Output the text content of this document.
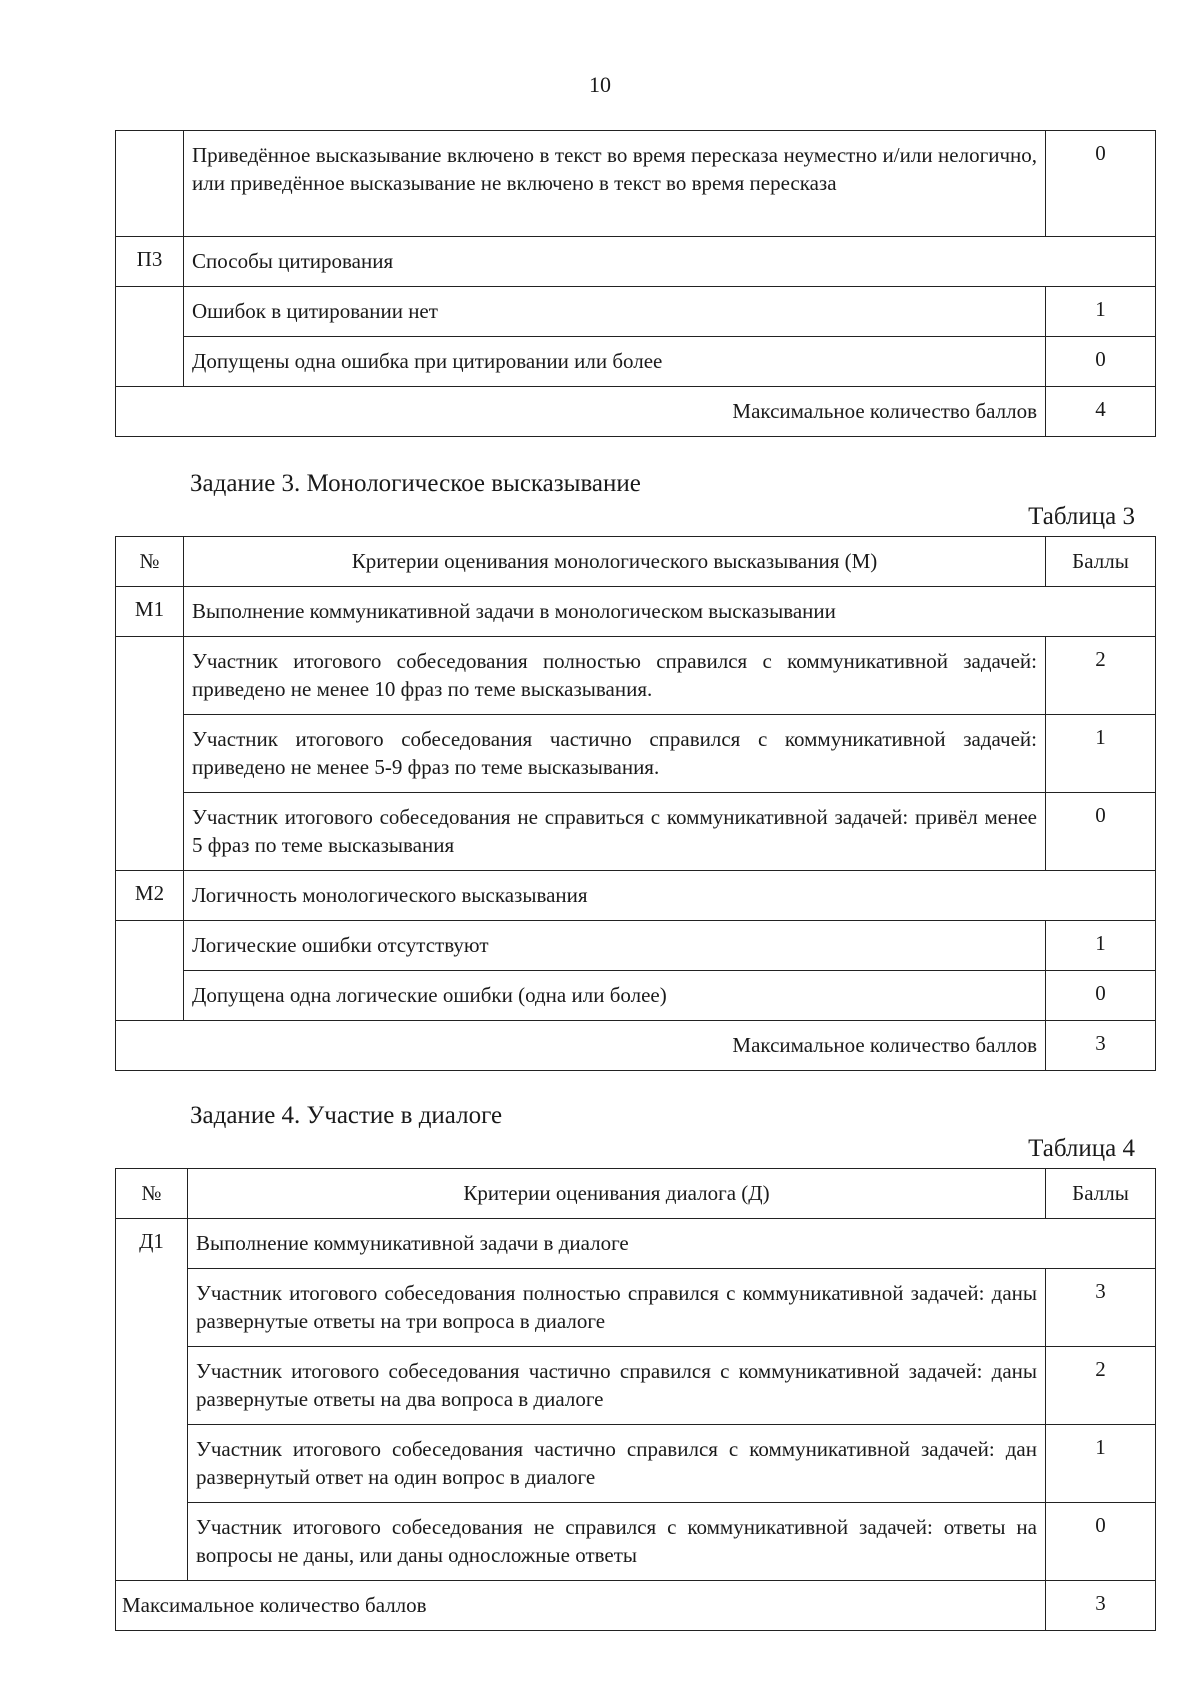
10
	Приведённое высказывание включено в текст во время пересказа неуместно и/или нелогично, или приведённое высказывание не включено в текст во время пересказа	0
П3	Способы цитирования	
	Ошибок в цитировании нет	1
	Допущены одна ошибка при цитировании или более	0
Максимальное количество баллов		4
Задание 3. Монологическое высказывание
Таблица 3
№	Критерии оценивания монологического высказывания (М)	Баллы
М1	Выполнение коммуникативной задачи в монологическом высказывании	
	Участник итогового собеседования полностью справился с коммуникативной задачей: приведено не менее 10 фраз по теме высказывания.	2
	Участник итогового собеседования частично справился с коммуникативной задачей: приведено не менее 5-9 фраз по теме высказывания.	1
	Участник итогового собеседования не справиться с коммуникативной задачей: привёл менее 5 фраз по теме высказывания	0
М2	Логичность монологического высказывания	
	Логические ошибки отсутствуют	1
	Допущена одна логические ошибки (одна или более)	0
Максимальное количество баллов		3
Задание 4. Участие в диалоге
Таблица 4
№	Критерии оценивания диалога (Д)	Баллы
Д1	Выполнение коммуникативной задачи в диалоге	
	Участник итогового собеседования полностью справился с коммуникативной задачей: даны развернутые ответы на три вопроса в диалоге	3
	Участник итогового собеседования частично справился с коммуникативной задачей: даны развернутые ответы на два вопроса в диалоге	2
	Участник итогового собеседования частично справился с коммуникативной задачей: дан развернутый ответ на один вопрос в диалоге	1
	Участник итогового собеседования не справился с коммуникативной задачей: ответы на вопросы не даны, или даны односложные ответы	0
Максимальное количество баллов		3
